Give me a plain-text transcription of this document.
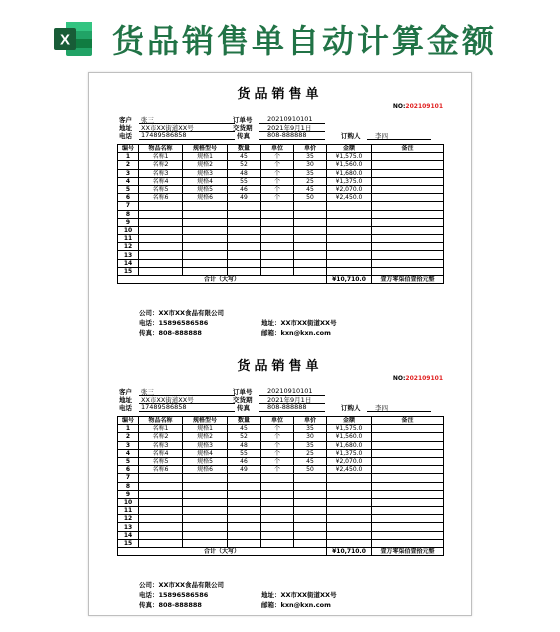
X 货品销售单自动计算金额
货品销售单
NO:202109101
客户 张三
地址 XX市XX街道XX号
电话 17489586858
订单号 20210910101
交货期 2021年9月1日
传真	808-888888	订购人 李四
编号	物品名称	规格型号	数量	单位	单价	金额	备注
1	名称1	规格1	45	个	35	¥1,575.0	
2	名称2	规格2	52	个	30	¥1,560.0	
3	名称3	规格3	48	个	35	¥1,680.0	
4	名称4	规格4	55	个	25	¥1,375.0	
5	名称5	规格5	46	个	45	¥2,070.0	
6	名称6	规格6	49	个	50	¥2,450.0	
7							
8							
9							
10							
11							
12							
13							
14							
15							
合计（大写）						¥10,710.0	壹万零柒佰壹拾元整
公司：XX市XX食品有限公司
电话：15896586586
传真：808-888888
地址：XX市XX街道XX号
邮箱：kxn@kxn.com
货品销售单
NO:202109101
客户 张三
地址 XX市XX街道XX号
电话 17489586858
订单号 20210910101
交货期 2021年9月1日
传真	808-888888	订购人 李四
编号	物品名称	规格型号	数量	单位	单价	金额	备注
1	名称1	规格1	45	个	35	¥1,575.0	
2	名称2	规格2	52	个	30	¥1,560.0	
3	名称3	规格3	48	个	35	¥1,680.0	
4	名称4	规格4	55	个	25	¥1,375.0	
5	名称5	规格5	46	个	45	¥2,070.0	
6	名称6	规格6	49	个	50	¥2,450.0	
7							
8							
9							
10							
11							
12							
13							
14							
15							
合计（大写）						¥10,710.0	壹万零柒佰壹拾元整
公司：XX市XX食品有限公司
电话：15896586586
传真：808-888888
地址：XX市XX街道XX号
邮箱：kxn@kxn.com
